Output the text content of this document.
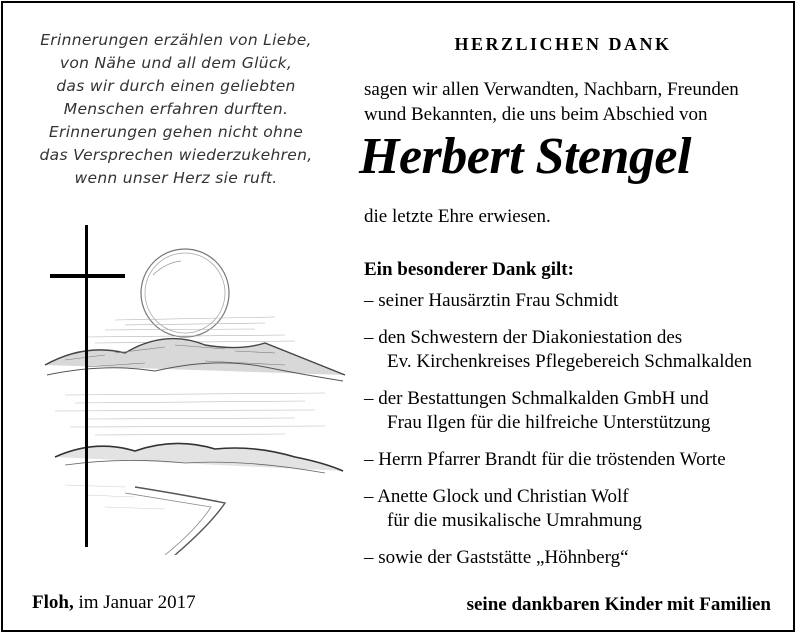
Erinnerungen erzählen von Liebe,
von Nähe und all dem Glück,
das wir durch einen geliebten
Menschen erfahren durften.
Erinnerungen gehen nicht ohne
das Versprechen wiederzukehren,
wenn unser Herz sie ruft.
HERZLICHEN DANK
sagen wir allen Verwandten, Nachbarn, Freunden
wund Bekannten, die uns beim Abschied von
Herbert Stengel
die letzte Ehre erwiesen.
Ein besonderer Dank gilt:
– seiner Hausärztin Frau Schmidt
– den Schwestern der Diakoniestation des
Ev. Kirchenkreises Pflegebereich Schmalkalden
– der Bestattungen Schmalkalden GmbH und
Frau Ilgen für die hilfreiche Unterstützung
– Herrn Pfarrer Brandt für die tröstenden Worte
– Anette Glock und Christian Wolf
für die musikalische Umrahmung
– sowie der Gaststätte „Höhnberg“
Floh, im Januar 2017	seine dankbaren Kinder mit Familien
